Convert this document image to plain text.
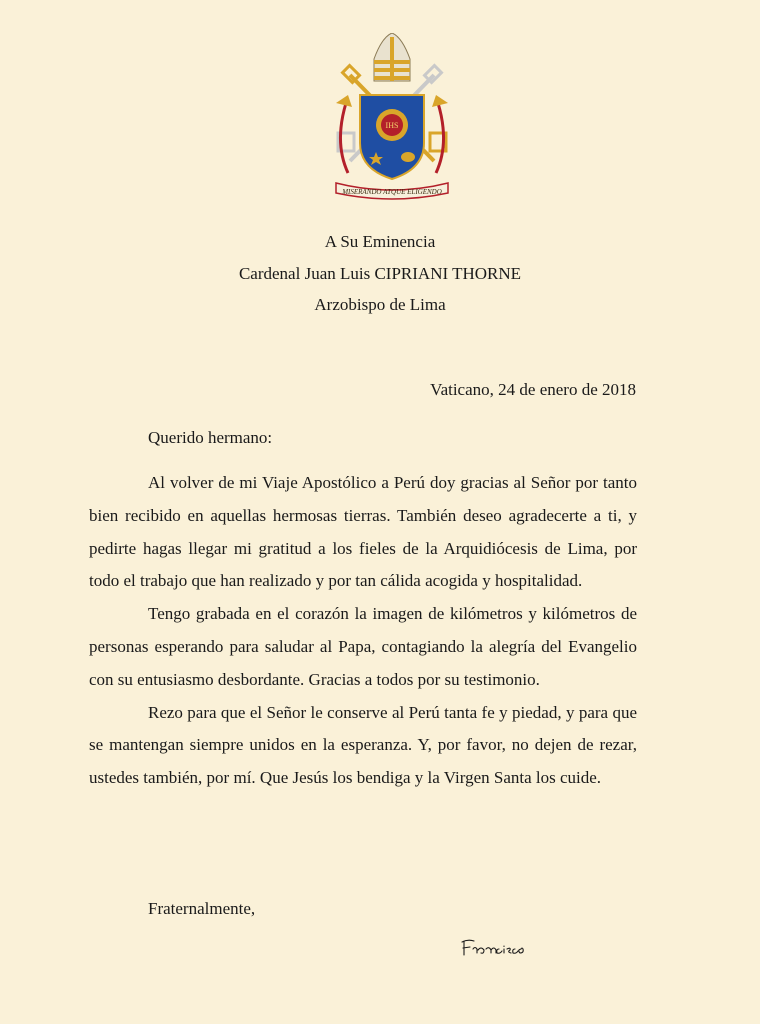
IHS
MISERANDO ATQUE ELIGENDO
A Su Eminencia
Cardenal Juan Luis CIPRIANI THORNE
Arzobispo de Lima
Vaticano, 24 de enero de 2018
Querido hermano:

Al volver de mi Viaje Apostólico a Perú doy gracias al Señor por tanto bien recibido en aquellas hermosas tierras. También deseo agradecerte a ti, y pedirte hagas llegar mi gratitud a los fieles de la Arquidiócesis de Lima, por todo el trabajo que han realizado y por tan cálida acogida y hospitalidad.

Tengo grabada en el corazón la imagen de kilómetros y kilómetros de personas esperando para saludar al Papa, contagiando la alegría del Evangelio con su entusiasmo desbordante. Gracias a todos por su testimonio.

Rezo para que el Señor le conserve al Perú tanta fe y piedad, y para que se mantengan siempre unidos en la esperanza. Y, por favor, no dejen de rezar, ustedes también, por mí. Que Jesús los bendiga y la Virgen Santa los cuide.

Fraternalmente,
